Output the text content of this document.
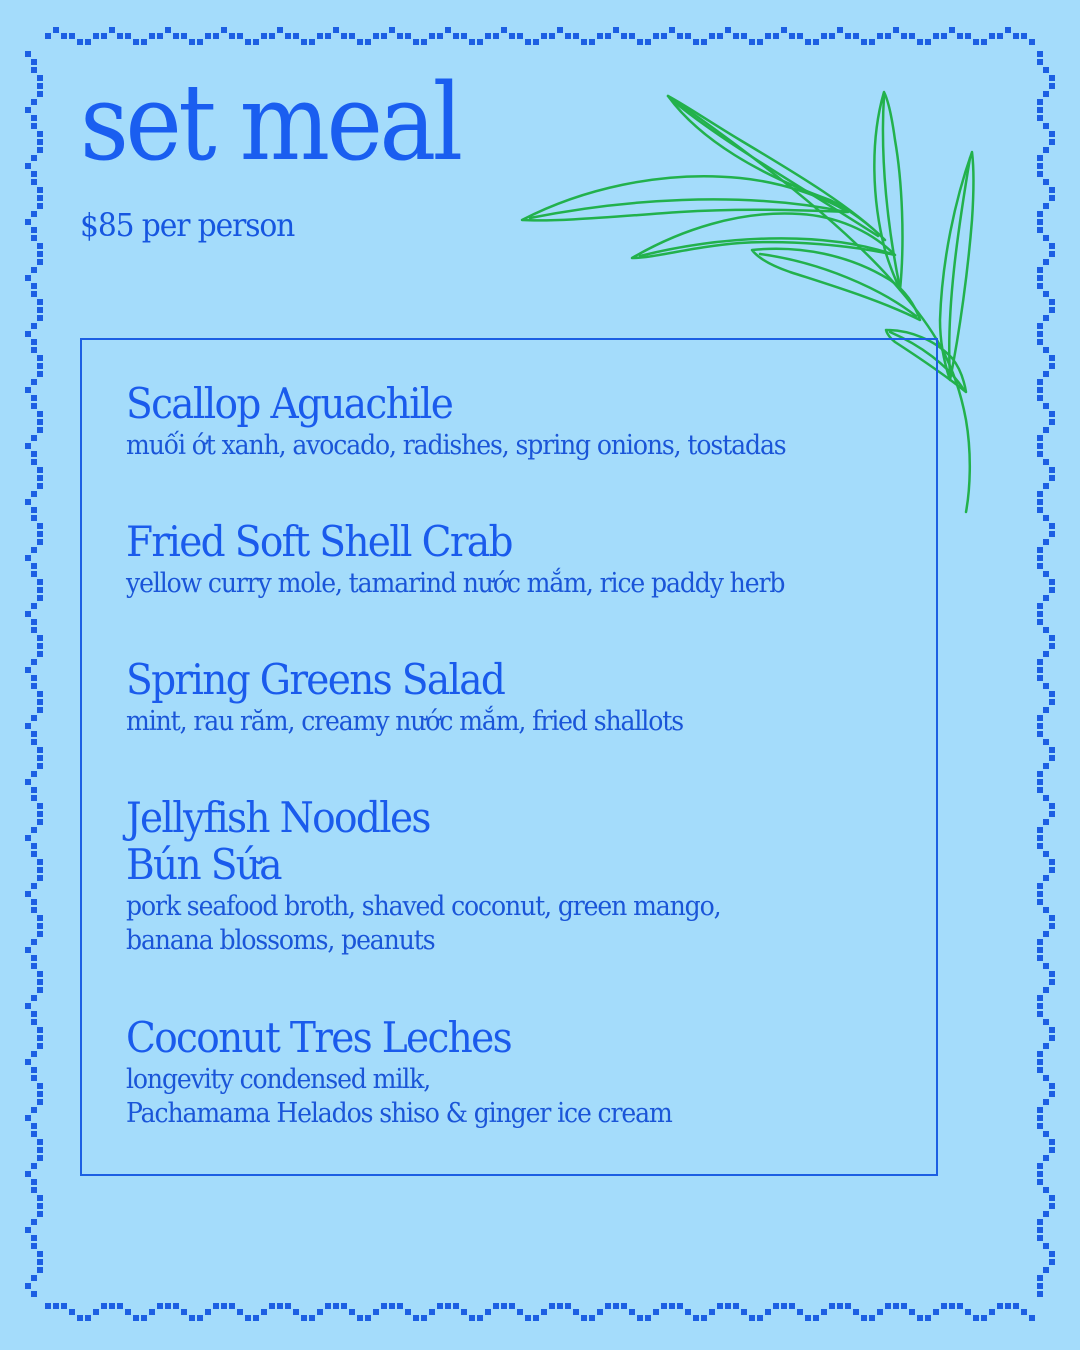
set meal

$85 per person

Scallop Aguachile
muối ớt xanh, avocado, radishes, spring onions, tostadas
Fried Soft Shell Crab
yellow curry mole, tamarind nước mắm, rice paddy herb
Spring Greens Salad
mint, rau răm, creamy nước mắm, fried shallots
Jellyfish Noodles
Bún Sứa
pork seafood broth, shaved coconut, green mango,
banana blossoms, peanuts
Coconut Tres Leches
longevity condensed milk,
Pachamama Helados shiso & ginger ice cream
